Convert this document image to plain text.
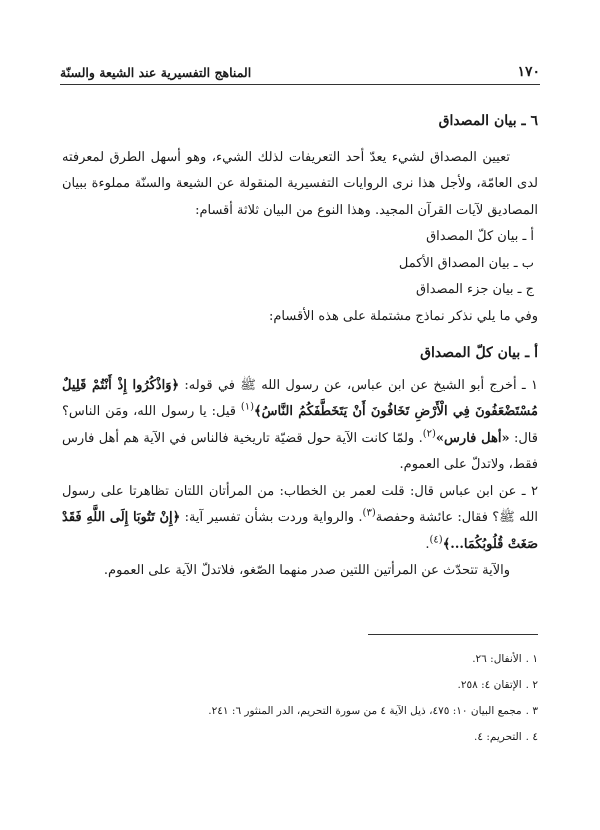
١٧٠
المناهج التفسيرية عند الشيعة والسنّة
٦ ـ بيان المصداق

تعيين المصداق لشيء يعدّ أحد التعريفات لذلك الشيء، وهو أسهل الطرق لمعرفته لدى العامّة، ولأجل هذا نرى الروايات التفسيرية المنقولة عن الشيعة والسنّة مملوءة ببيان المصاديق لآيات القرآن المجيد. وهذا النوع من البيان ثلاثة أقسام:

أ ـ بيان كلّ المصداق
ب ـ بيان المصداق الأكمل
ج ـ بيان جزء المصداق

وفي ما يلي نذكر نماذج مشتملة على هذه الأقسام:

أ ـ بيان كلّ المصداق

١ ـ أخرج أبو الشيخ عن ابن عباس، عن رسول الله ﷺ في قوله: ﴿وَاذْكُرُوا إِذْ أَنْتُمْ قَلِيلٌ مُسْتَضْعَفُونَ فِي الْأَرْضِ تَخَافُونَ أَنْ يَتَخَطَّفَكُمُ النَّاسُ﴾$^{(١)}$ قيل: يا رسول الله، ومَن الناس؟ قال: «أهل فارس»$^{(٢)}$. ولمّا كانت الآية حول قضيّة تاريخية فالناس في الآية هم أهل فارس فقط، ولاتدلّ على العموم.

٢ ـ عن ابن عباس قال: قلت لعمر بن الخطاب: من المرأتان اللتان تظاهرتا على رسول الله ﷺ؟ فقال: عائشة وحفصة$^{(٣)}$. والرواية وردت بشأن تفسير آية: ﴿إِنْ تَتُوبَا إِلَى اللَّهِ فَقَدْ صَغَتْ قُلُوبُكُمَا...﴾$^{(٤)}$.

والآية تتحدّث عن المرأتين اللتين صدر منهما الصّغو، فلاتدلّ الآية على العموم.

١ .
الأنفال: ٢٦.
٢ .
الإتقان ٤: ٢٥٨.
٣ .
مجمع البيان ١٠: ٤٧٥، ذيل الآية ٤ من سورة التحريم، الدر المنثور ٦: ٢٤١.
٤ .
التحريم: ٤.
